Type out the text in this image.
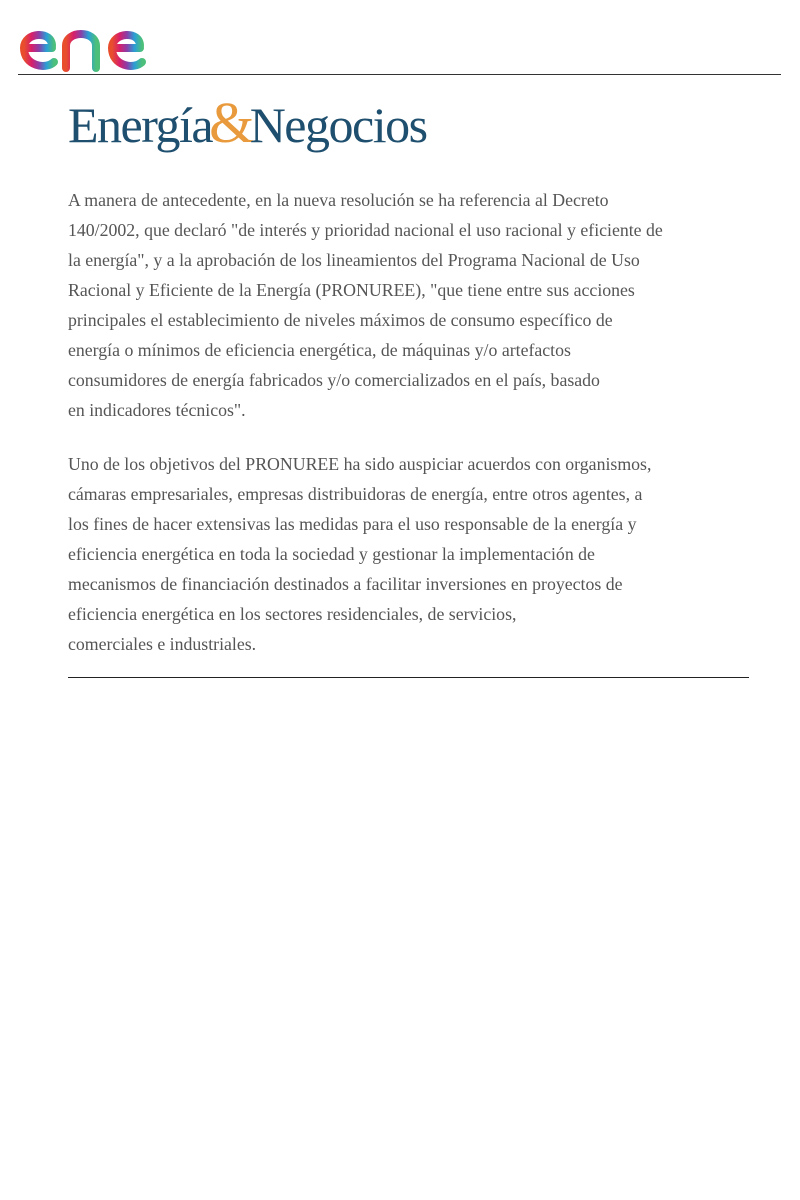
Energía&Negocios

A manera de antecedente, en la nueva resolución se ha referencia al Decreto
140/2002, que declaró "de interés y prioridad nacional el uso racional y eficiente de
la energía", y a la aprobación de los lineamientos del Programa Nacional de Uso
Racional y Eficiente de la Energía (PRONUREE), "que tiene entre sus acciones
principales el establecimiento de niveles máximos de consumo específico de
energía o mínimos de eficiencia energética, de máquinas y/o artefactos
consumidores de energía fabricados y/o comercializados en el país, basado
en indicadores técnicos".

Uno de los objetivos del PRONUREE ha sido auspiciar acuerdos con organismos,
cámaras empresariales, empresas distribuidoras de energía, entre otros agentes, a
los fines de hacer extensivas las medidas para el uso responsable de la energía y
eficiencia energética en toda la sociedad y gestionar la implementación de
mecanismos de financiación destinados a facilitar inversiones en proyectos de
eficiencia energética en los sectores residenciales, de servicios,
comerciales e industriales.
